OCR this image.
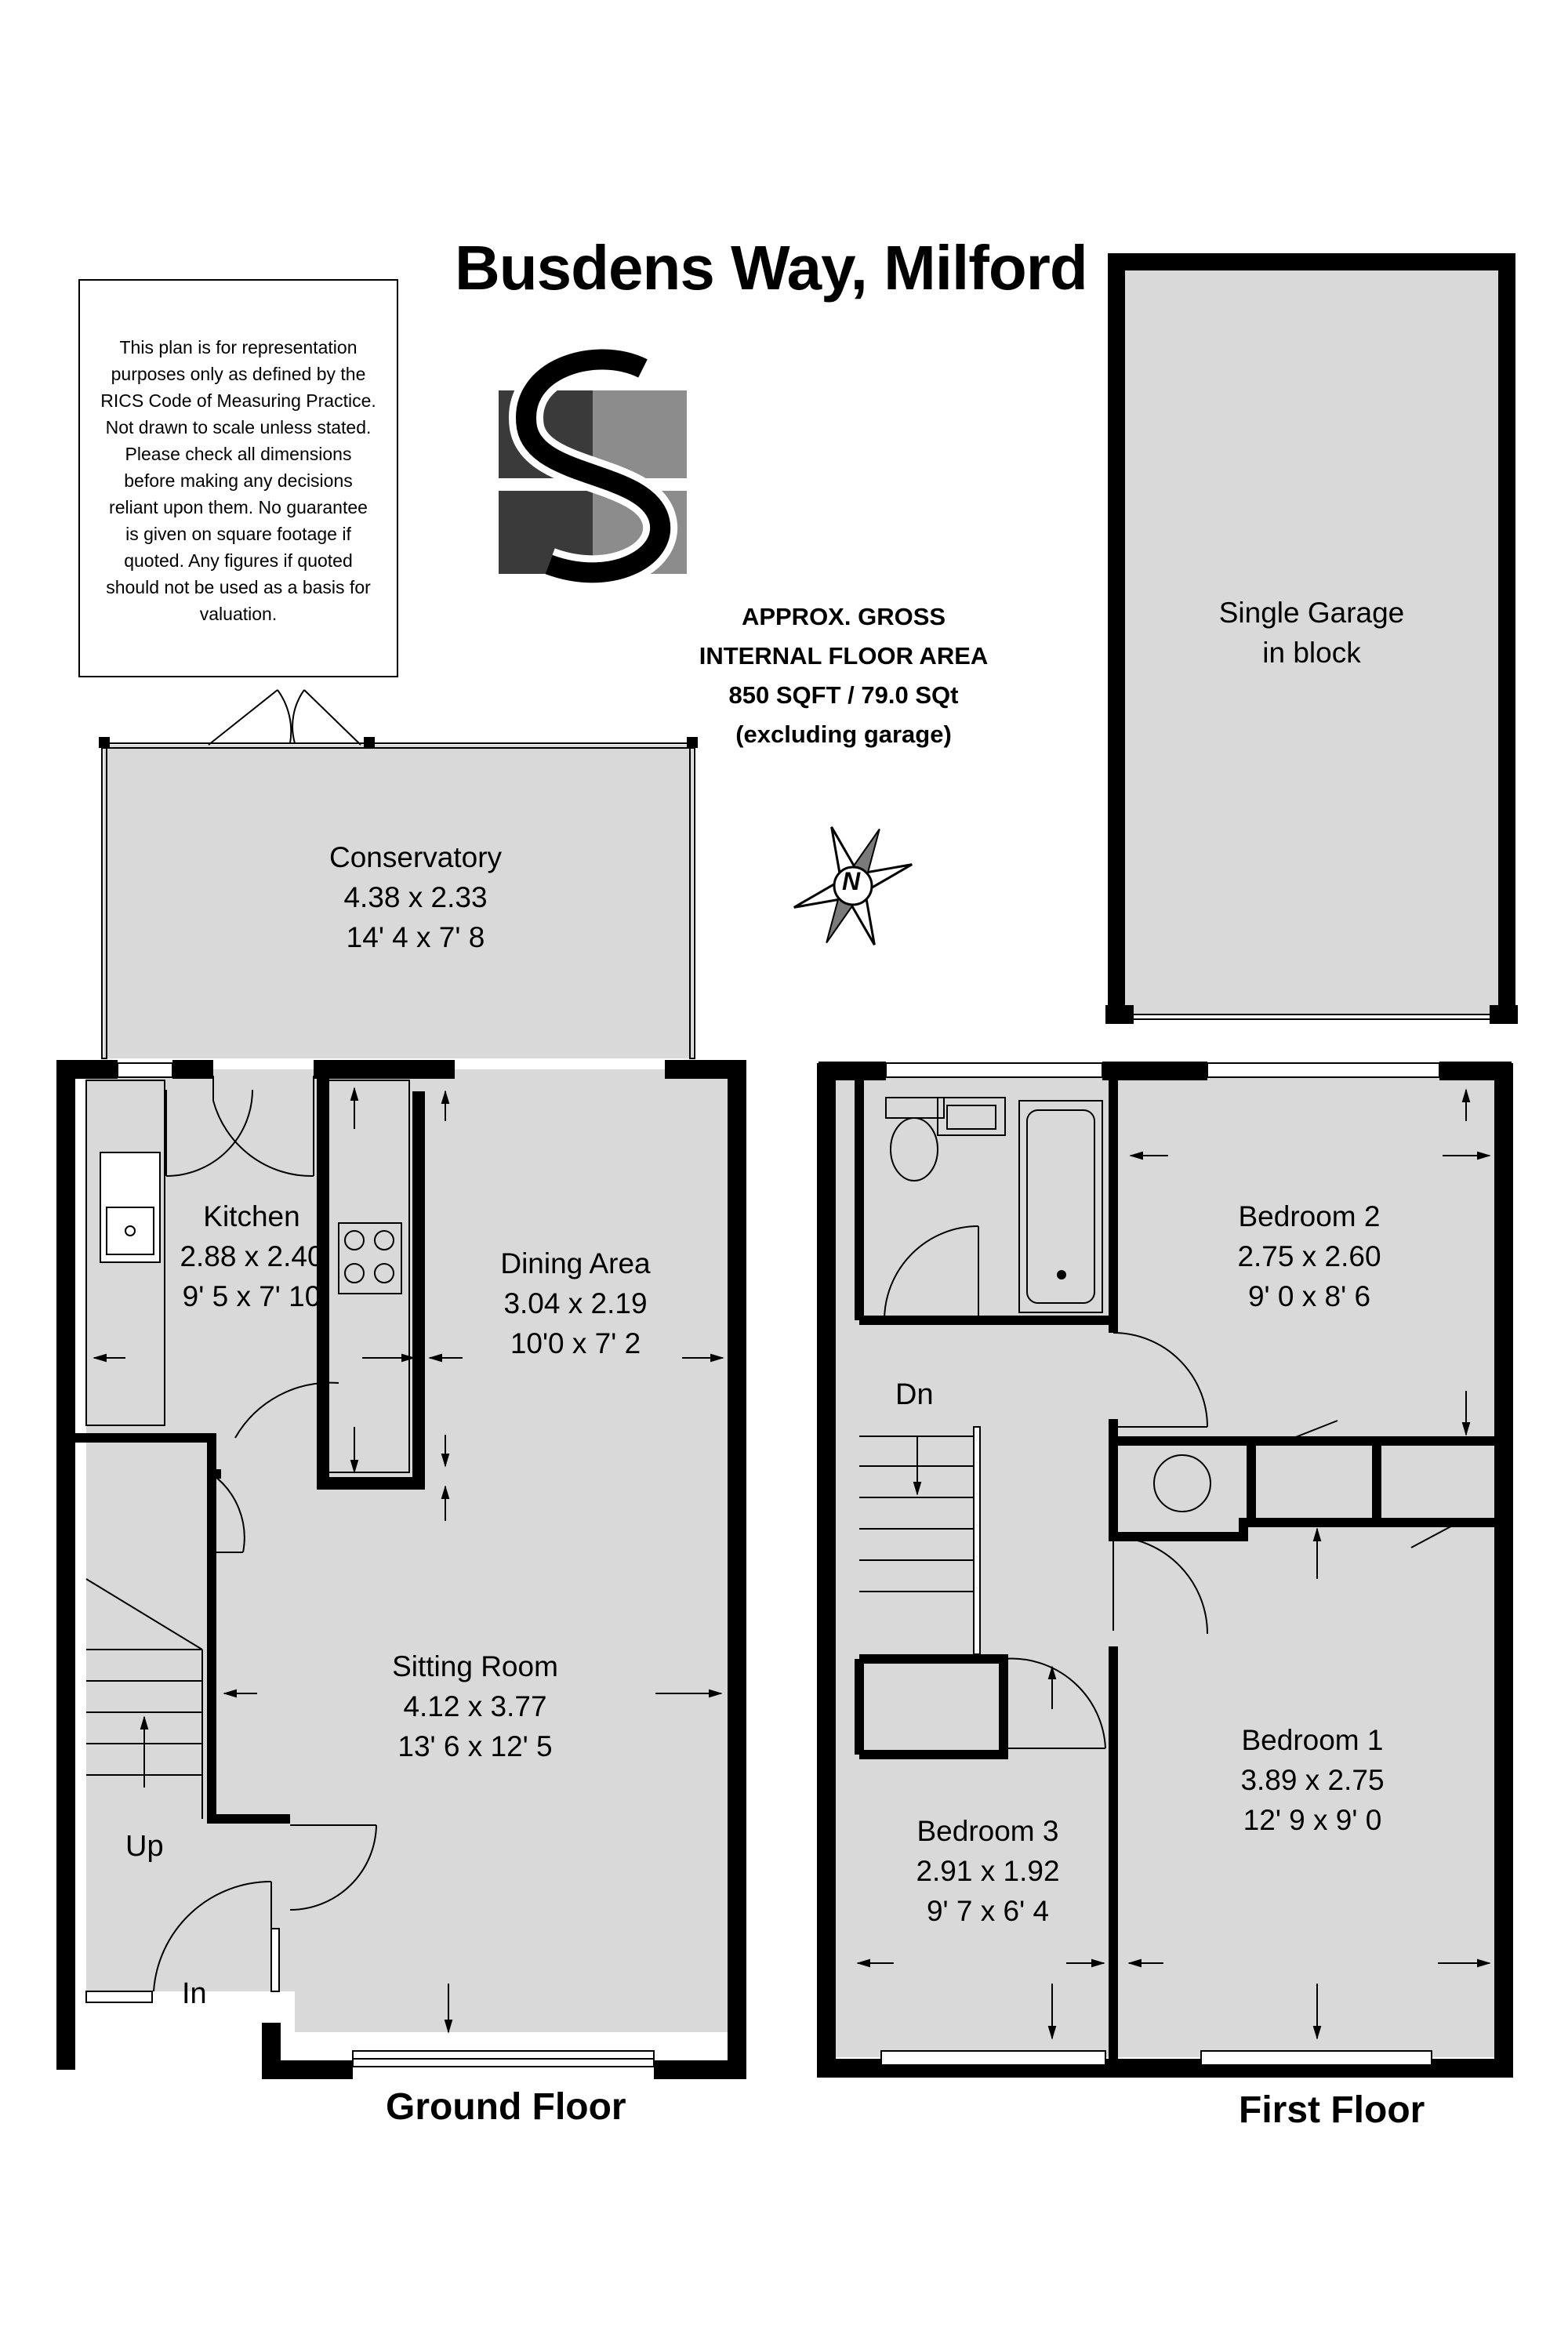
Busdens Way, Milford
This plan is for representation purposes only as defined by the RICS Code of Measuring Practice. Not drawn to scale unless stated. Please check all dimensions before making any decisions reliant upon them. No guarantee is given on square footage if quoted. Any figures if quoted should not be used as a basis for valuation.	APPROX. GROSS
INTERNAL FLOOR AREA
850 SQFT / 79.0 SQt
(excluding garage)
N
Single Garage
in block
Conservatory
4.38 x 2.33
14' 4 x 7' 8
Kitchen
2.88 x 2.40
9' 5 x 7' 10
Dining Area
3.04 x 2.19
10'0 x 7' 2
Sitting Room
4.12 x 3.77
13' 6 x 12' 5
Up
In
Bedroom 2
2.75 x 2.60
9' 0 x 8' 6
Bedroom 1
3.89 x 2.75
12' 9 x 9' 0
Bedroom 3
2.91 x 1.92
9' 7 x 6' 4
Dn
Ground Floor	First Floor
